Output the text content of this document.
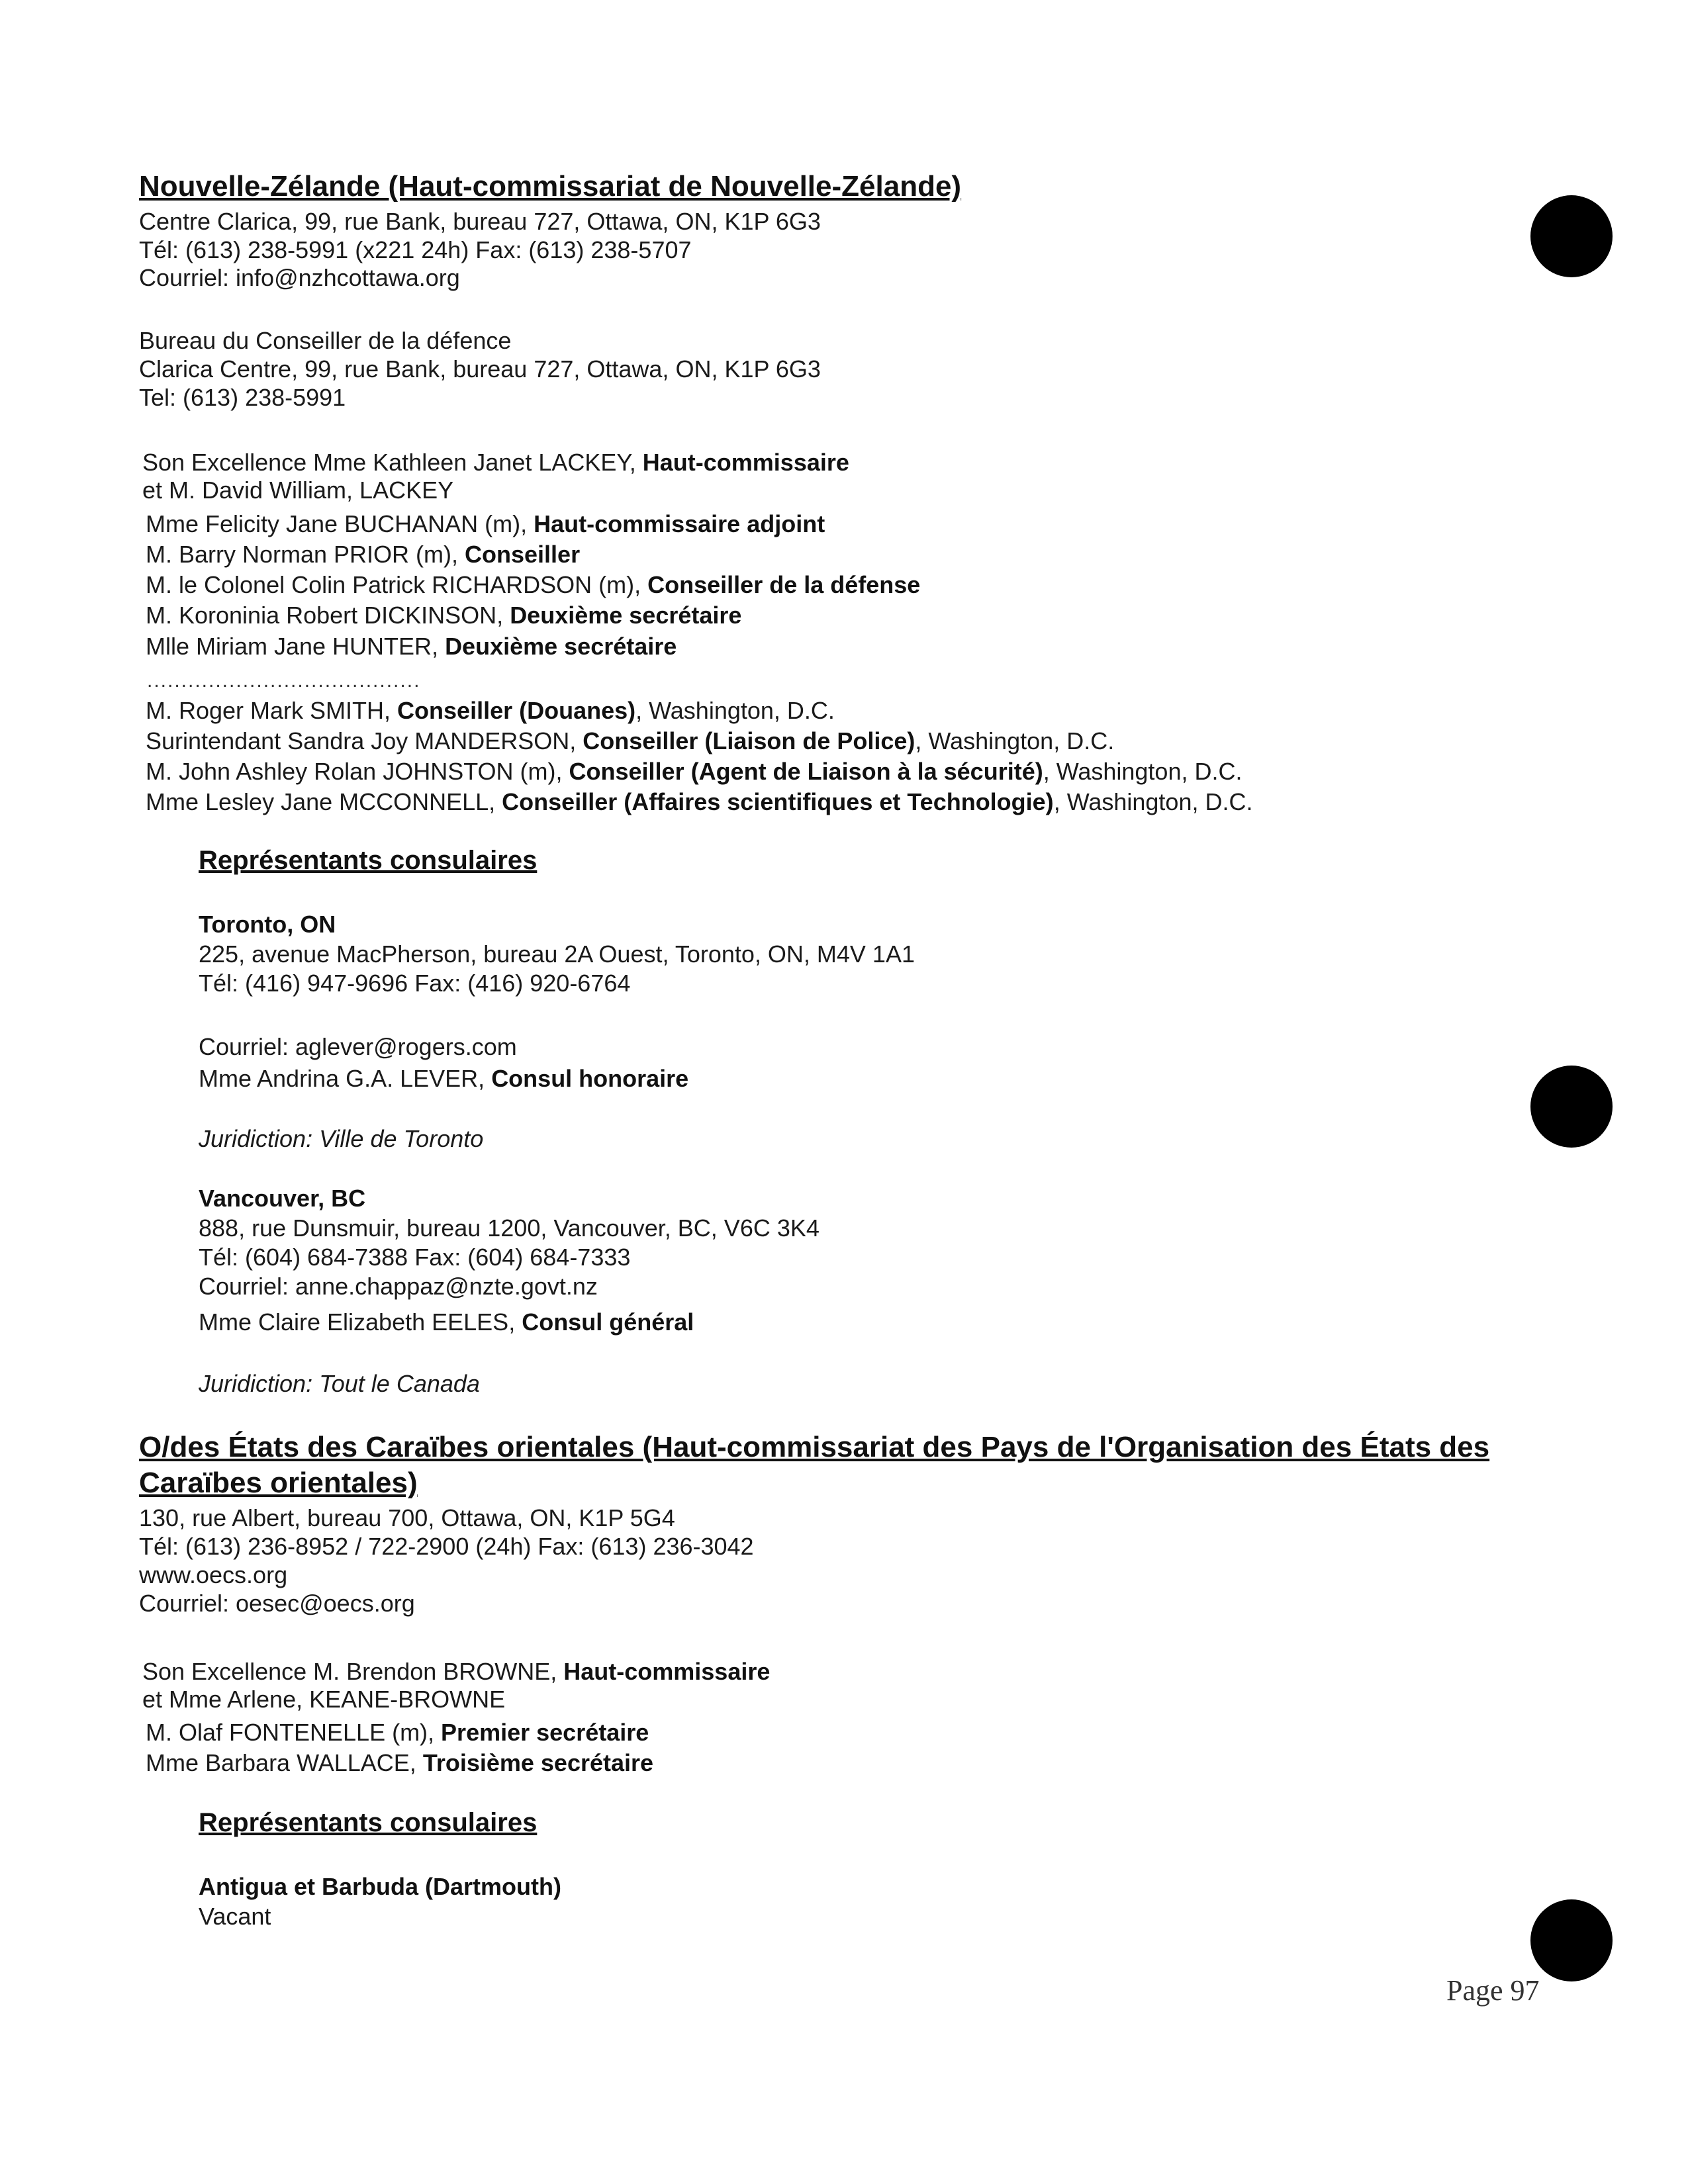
Nouvelle-Zélande (Haut-commissariat de Nouvelle-Zélande)
Centre Clarica, 99, rue Bank, bureau 727, Ottawa, ON, K1P 6G3
Tél: (613) 238-5991 (x221 24h) Fax: (613) 238-5707
Courriel: info@nzhcottawa.org
Bureau du Conseiller de la défence
Clarica Centre, 99, rue Bank, bureau 727, Ottawa, ON, K1P 6G3
Tel: (613) 238-5991
Son Excellence Mme Kathleen Janet LACKEY, Haut-commissaire
et M. David William, LACKEY
Mme Felicity Jane BUCHANAN (m), Haut-commissaire adjoint
M. Barry Norman PRIOR (m), Conseiller
M. le Colonel Colin Patrick RICHARDSON (m), Conseiller de la défense
M. Koroninia Robert DICKINSON, Deuxième secrétaire
Mlle Miriam Jane HUNTER, Deuxième secrétaire
........................................
M. Roger Mark SMITH, Conseiller (Douanes), Washington, D.C.
Surintendant Sandra Joy MANDERSON, Conseiller (Liaison de Police), Washington, D.C.
M. John Ashley Rolan JOHNSTON (m), Conseiller (Agent de Liaison à la sécurité), Washington, D.C.
Mme Lesley Jane MCCONNELL, Conseiller (Affaires scientifiques et Technologie), Washington, D.C.
Représentants consulaires
Toronto, ON
225, avenue MacPherson, bureau 2A Ouest, Toronto, ON, M4V 1A1
Tél: (416) 947-9696 Fax: (416) 920-6764
Courriel: aglever@rogers.com
Mme Andrina G.A. LEVER, Consul honoraire
Juridiction: Ville de Toronto
Vancouver, BC
888, rue Dunsmuir, bureau 1200, Vancouver, BC, V6C 3K4
Tél: (604) 684-7388 Fax: (604) 684-7333
Courriel: anne.chappaz@nzte.govt.nz
Mme Claire Elizabeth EELES, Consul général
Juridiction: Tout le Canada
O/des États des Caraïbes orientales (Haut-commissariat des Pays de l'Organisation des États des Caraïbes orientales)
130, rue Albert, bureau 700, Ottawa, ON, K1P 5G4
Tél: (613) 236-8952 / 722-2900 (24h) Fax: (613) 236-3042
www.oecs.org
Courriel: oesec@oecs.org
Son Excellence M. Brendon BROWNE, Haut-commissaire
et Mme Arlene, KEANE-BROWNE
M. Olaf FONTENELLE (m), Premier secrétaire
Mme Barbara WALLACE, Troisième secrétaire
Représentants consulaires
Antigua et Barbuda (Dartmouth)
Vacant
Page 97
